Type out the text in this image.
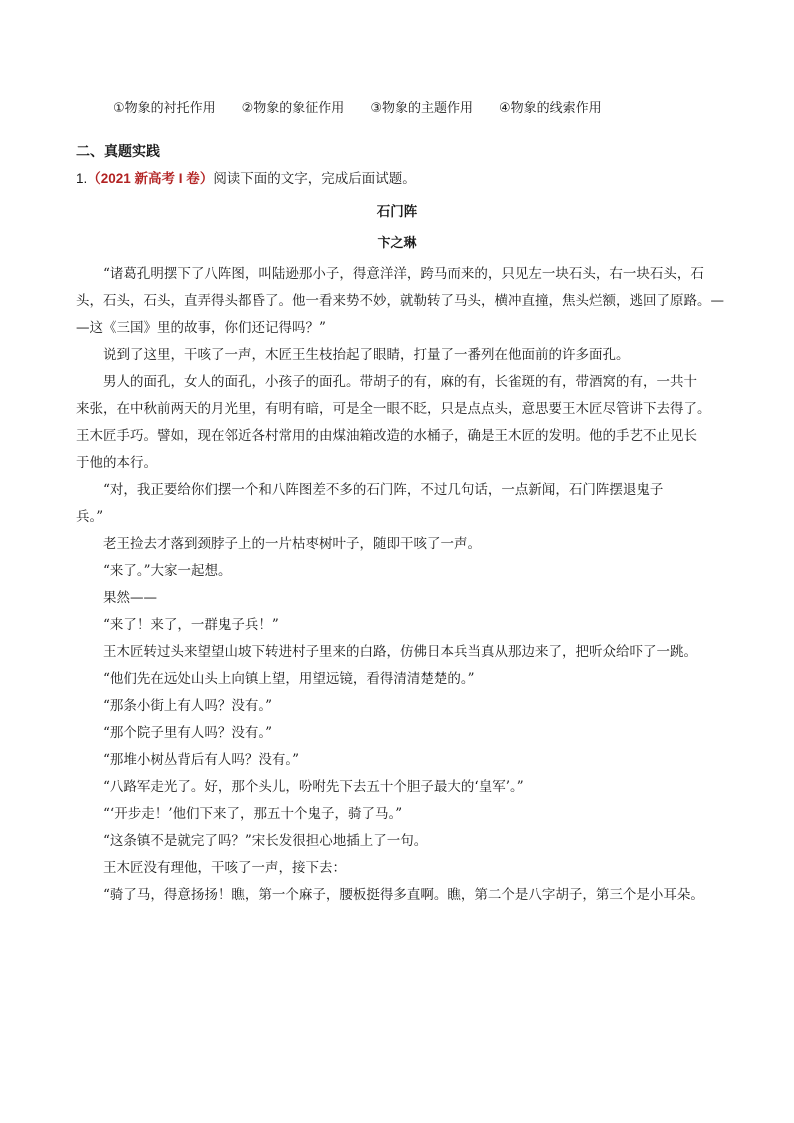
①物象的衬托作用 ②物象的象征作用 ③物象的主题作用 ④物象的线索作用
二、真题实践
1.（2021 新高考 I 卷）阅读下面的文字，完成后面试题。
石门阵
卞之琳
　　“诸葛孔明摆下了八阵图，叫陆逊那小子，得意洋洋，跨马而来的，只见左一块石头，右一块石头，石
头，石头，石头，直弄得头都昏了。他一看来势不妙，就勒转了马头，横冲直撞，焦头烂额，逃回了原路。—
—这《三国》里的故事，你们还记得吗？”
　　说到了这里，干咳了一声，木匠王生枝抬起了眼睛，打量了一番列在他面前的许多面孔。
　　男人的面孔，女人的面孔，小孩子的面孔。带胡子的有，麻的有，长雀斑的有，带酒窝的有，一共十
来张，在中秋前两天的月光里，有明有暗，可是全一眼不眨，只是点点头，意思要王木匠尽管讲下去得了。
王木匠手巧。譬如，现在邻近各村常用的由煤油箱改造的水桶子，确是王木匠的发明。他的手艺不止见长
于他的本行。
　　“对，我正要给你们摆一个和八阵图差不多的石门阵，不过几句话，一点新闻，石门阵摆退鬼子
兵。”
　　老王捡去才落到颈脖子上的一片枯枣树叶子，随即干咳了一声。
　　“来了。”大家一起想。
　　果然——
　　“来了！来了，一群鬼子兵！”
　　王木匠转过头来望望山坡下转进村子里来的白路，仿佛日本兵当真从那边来了，把听众给吓了一跳。
　　“他们先在远处山头上向镇上望，用望远镜，看得清清楚楚的。”
　　“那条小街上有人吗？没有。”
　　“那个院子里有人吗？没有。”
　　“那堆小树丛背后有人吗？没有。”
　　“八路军走光了。好，那个头儿，吩咐先下去五十个胆子最大的‘皇军’。”
　　“‘开步走！’他们下来了，那五十个鬼子，骑了马。”
　　“这条镇不是就完了吗？”宋长发很担心地插上了一句。
　　王木匠没有理他，干咳了一声，接下去：
　　“骑了马，得意扬扬！瞧，第一个麻子，腰板挺得多直啊。瞧，第二个是八字胡子，第三个是小耳朵。
